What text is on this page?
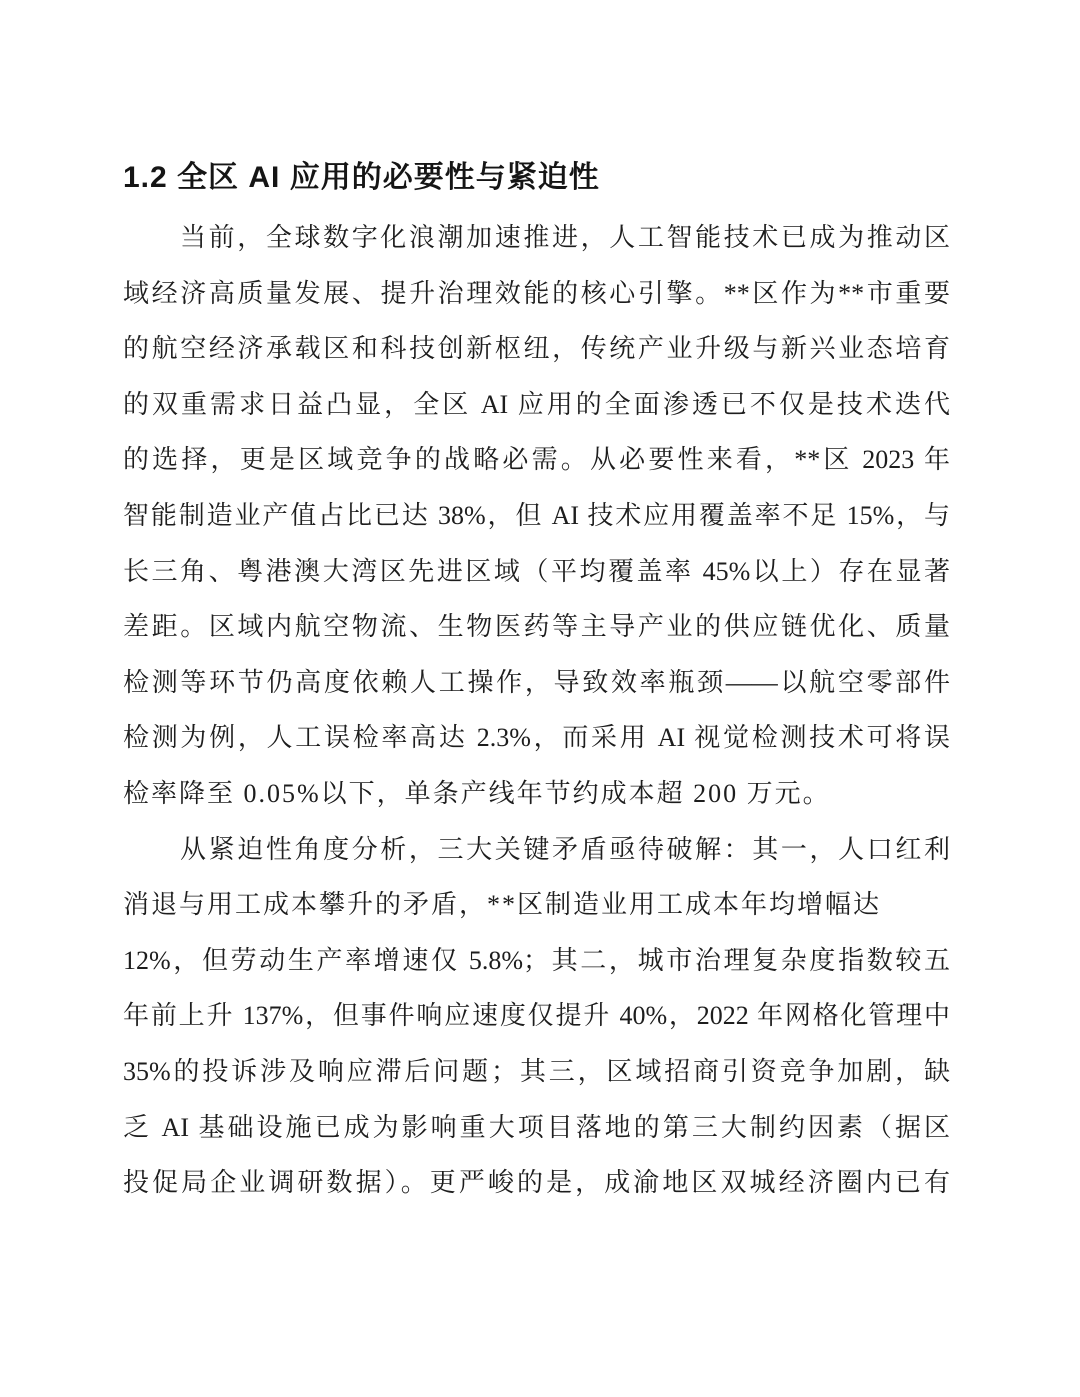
1.2 全区 AI 应用的必要性与紧迫性
当前，全球数字化浪潮加速推进，人工智能技术已成为推动区
域经济高质量发展、提升治理效能的核心引擎。**区作为**市重要
的航空经济承载区和科技创新枢纽，传统产业升级与新兴业态培育
的双重需求日益凸显，全区 AI 应用的全面渗透已不仅是技术迭代
的选择，更是区域竞争的战略必需。从必要性来看，**区 2023 年
智能制造业产值占比已达 38%，但 AI 技术应用覆盖率不足 15%，与
长三角、粤港澳大湾区先进区域（平均覆盖率 45%以上）存在显著
差距。区域内航空物流、生物医药等主导产业的供应链优化、质量
检测等环节仍高度依赖人工操作，导致效率瓶颈——以航空零部件
检测为例，人工误检率高达 2.3%，而采用 AI 视觉检测技术可将误
检率降至 0.05%以下，单条产线年节约成本超 200 万元。
从紧迫性角度分析，三大关键矛盾亟待破解：其一，人口红利
消退与用工成本攀升的矛盾，**区制造业用工成本年均增幅达
12%，但劳动生产率增速仅 5.8%；其二，城市治理复杂度指数较五
年前上升 137%，但事件响应速度仅提升 40%，2022 年网格化管理中
35%的投诉涉及响应滞后问题；其三，区域招商引资竞争加剧，缺
乏 AI 基础设施已成为影响重大项目落地的第三大制约因素（据区
投促局企业调研数据）。更严峻的是，成渝地区双城经济圈内已有
